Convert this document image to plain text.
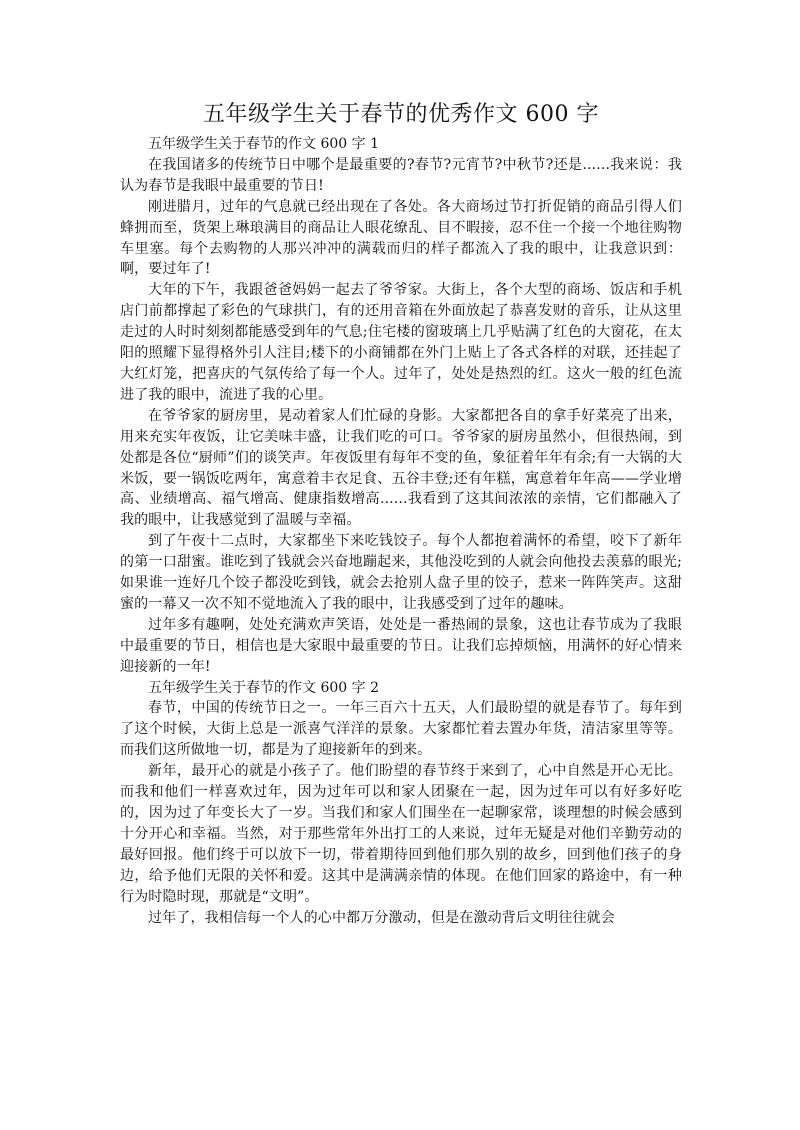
五年级学生关于春节的优秀作文 600 字

五年级学生关于春节的作文 600 字 1

在我国诸多的传统节日中哪个是最重要的?春节?元宵节?中秋节?还是......我来说：我认为春节是我眼中最重要的节日!

刚进腊月，过年的气息就已经出现在了各处。各大商场过节打折促销的商品引得人们蜂拥而至，货架上琳琅满目的商品让人眼花缭乱、目不暇接，忍不住一个接一个地往购物车里塞。每个去购物的人那兴冲冲的满载而归的样子都流入了我的眼中，让我意识到：啊，要过年了!

大年的下午，我跟爸爸妈妈一起去了爷爷家。大街上，各个大型的商场、饭店和手机店门前都撑起了彩色的气球拱门，有的还用音箱在外面放起了恭喜发财的音乐，让从这里走过的人时时刻刻都能感受到年的气息;住宅楼的窗玻璃上几乎贴满了红色的大窗花，在太阳的照耀下显得格外引人注目;楼下的小商铺都在外门上贴上了各式各样的对联，还挂起了大红灯笼，把喜庆的气氛传给了每一个人。过年了，处处是热烈的红。这火一般的红色流进了我的眼中，流进了我的心里。

在爷爷家的厨房里，晃动着家人们忙碌的身影。大家都把各自的拿手好菜亮了出来，用来充实年夜饭，让它美味丰盛，让我们吃的可口。爷爷家的厨房虽然小，但很热闹，到处都是各位“厨师”们的谈笑声。年夜饭里有每年不变的鱼，象征着年年有余;有一大锅的大米饭，要一锅饭吃两年，寓意着丰衣足食、五谷丰登;还有年糕，寓意着年年高——学业增高、业绩增高、福气增高、健康指数增高......我看到了这其间浓浓的亲情，它们都融入了我的眼中，让我感觉到了温暖与幸福。

到了午夜十二点时，大家都坐下来吃钱饺子。每个人都抱着满怀的希望，咬下了新年的第一口甜蜜。谁吃到了钱就会兴奋地蹦起来，其他没吃到的人就会向他投去羡慕的眼光;如果谁一连好几个饺子都没吃到钱，就会去抢别人盘子里的饺子，惹来一阵阵笑声。这甜蜜的一幕又一次不知不觉地流入了我的眼中，让我感受到了过年的趣味。

过年多有趣啊，处处充满欢声笑语，处处是一番热闹的景象，这也让春节成为了我眼中最重要的节日，相信也是大家眼中最重要的节日。让我们忘掉烦恼，用满怀的好心情来迎接新的一年!

五年级学生关于春节的作文 600 字 2

春节，中国的传统节日之一。一年三百六十五天，人们最盼望的就是春节了。每年到了这个时候，大街上总是一派喜气洋洋的景象。大家都忙着去置办年货，清洁家里等等。而我们这所做地一切，都是为了迎接新年的到来。

新年，最开心的就是小孩子了。他们盼望的春节终于来到了，心中自然是开心无比。而我和他们一样喜欢过年，因为过年可以和家人团聚在一起，因为过年可以有好多好吃的，因为过了年变长大了一岁。当我们和家人们围坐在一起聊家常，谈理想的时候会感到十分开心和幸福。当然，对于那些常年外出打工的人来说，过年无疑是对他们辛勤劳动的最好回报。他们终于可以放下一切，带着期待回到他们那久别的故乡，回到他们孩子的身边，给予他们无限的关怀和爱。这其中是满满亲情的体现。在他们回家的路途中，有一种行为时隐时现，那就是“文明”。

过年了，我相信每一个人的心中都万分激动，但是在激动背后文明往往就会
